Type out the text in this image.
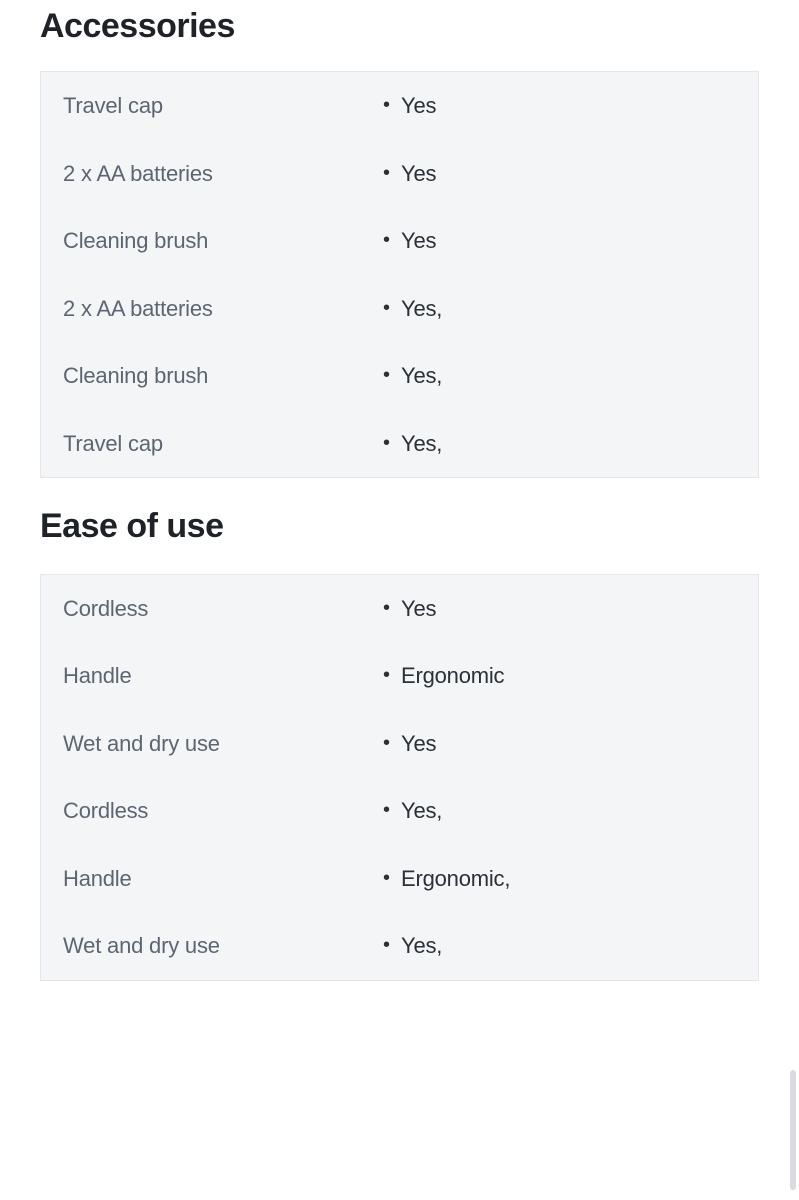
Accessories
Travel cap	• Yes
2 x AA batteries	• Yes
Cleaning brush	• Yes
2 x AA batteries	• Yes,
Cleaning brush	• Yes,
Travel cap	• Yes,
Ease of use
Cordless	• Yes
Handle	• Ergonomic
Wet and dry use	• Yes
Cordless	• Yes,
Handle	• Ergonomic,
Wet and dry use	• Yes,
